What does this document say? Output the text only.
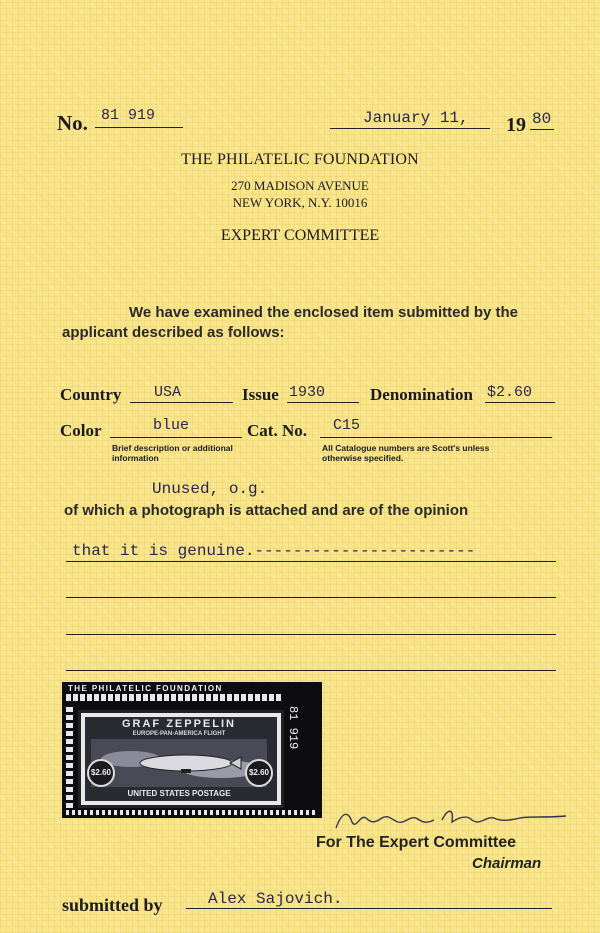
No. 81 919	January 11, 19 80
THE PHILATELIC FOUNDATION
270 MADISON AVENUE
NEW YORK, N.Y. 10016
EXPERT COMMITTEE
We have examined the enclosed item submitted by the
applicant described as follows:
Country USA	Issue 1930	Denomination $2.60
Color	blue	Cat. No. C15
Brief description or additional information
All Catalogue numbers are Scott's unless otherwise specified.
Unused, o.g.
of which a photograph is attached and are of the opinion
that it is genuine.-----------------------
THE PHILATELIC FOUNDATION
GRAF ZEPPELIN
EUROPE-PAN-AMERICA FLIGHT
$2.60	$2.60
UNITED STATES POSTAGE
81 919
For The Expert Committee
Chairman
submitted by	Alex Sajovich.
